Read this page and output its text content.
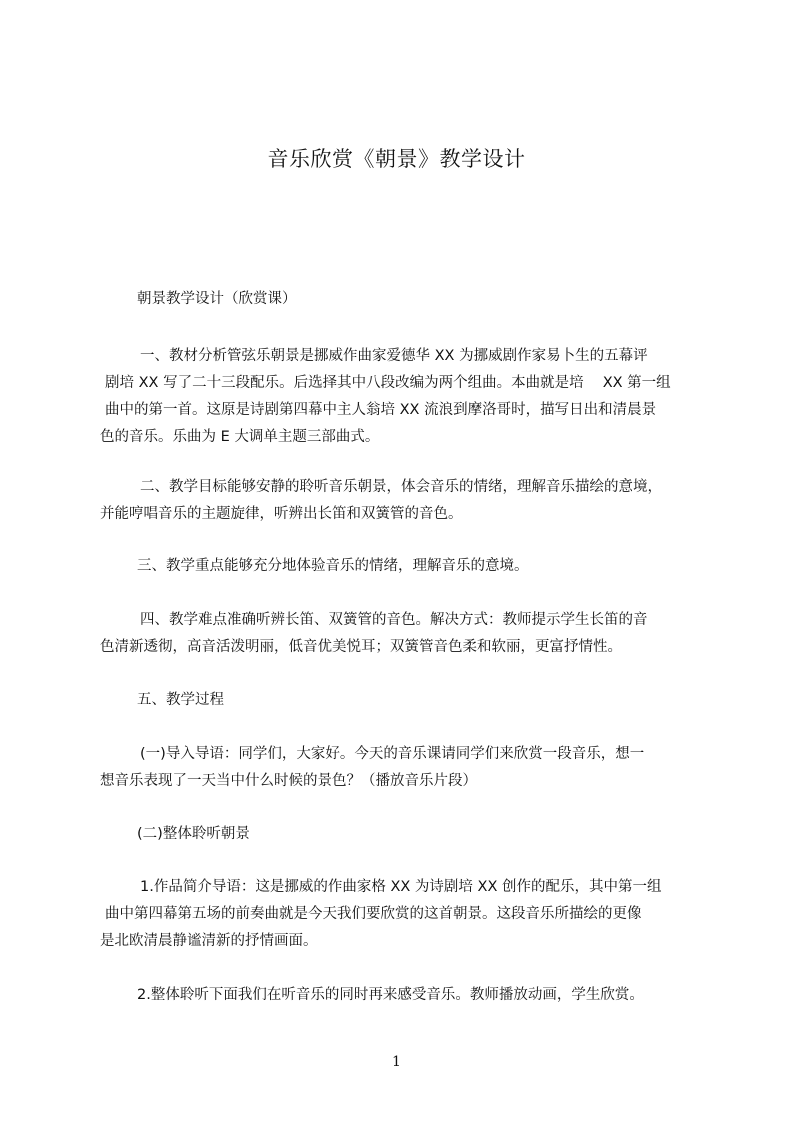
音乐欣赏《朝景》教学设计
朝景教学设计（欣赏课）
一、教材分析管弦乐朝景是挪威作曲家爱德华 XX 为挪威剧作家易卜生的五幕评
剧培 XX 写了二十三段配乐。后选择其中八段改编为两个组曲。本曲就是培　 XX 第一组
曲中的第一首。这原是诗剧第四幕中主人翁培 XX 流浪到摩洛哥时，描写日出和清晨景
色的音乐。乐曲为 E 大调单主题三部曲式。
二、教学目标能够安静的聆听音乐朝景，体会音乐的情绪，理解音乐描绘的意境，
并能哼唱音乐的主题旋律，听辨出长笛和双簧管的音色。
三、教学重点能够充分地体验音乐的情绪，理解音乐的意境。
四、教学难点准确听辨长笛、双簧管的音色。解决方式：教师提示学生长笛的音
色清新透彻，高音活泼明丽，低音优美悦耳；双簧管音色柔和软丽，更富抒情性。
五、教学过程
(一)导入导语：同学们，大家好。今天的音乐课请同学们来欣赏一段音乐，想一
想音乐表现了一天当中什么时候的景色？（播放音乐片段）
(二)整体聆听朝景
1.作品简介导语：这是挪威的作曲家格 XX 为诗剧培 XX 创作的配乐，其中第一组
曲中第四幕第五场的前奏曲就是今天我们要欣赏的这首朝景。这段音乐所描绘的更像
是北欧清晨静谧清新的抒情画面。
2.整体聆听下面我们在听音乐的同时再来感受音乐。教师播放动画，学生欣赏。
1
